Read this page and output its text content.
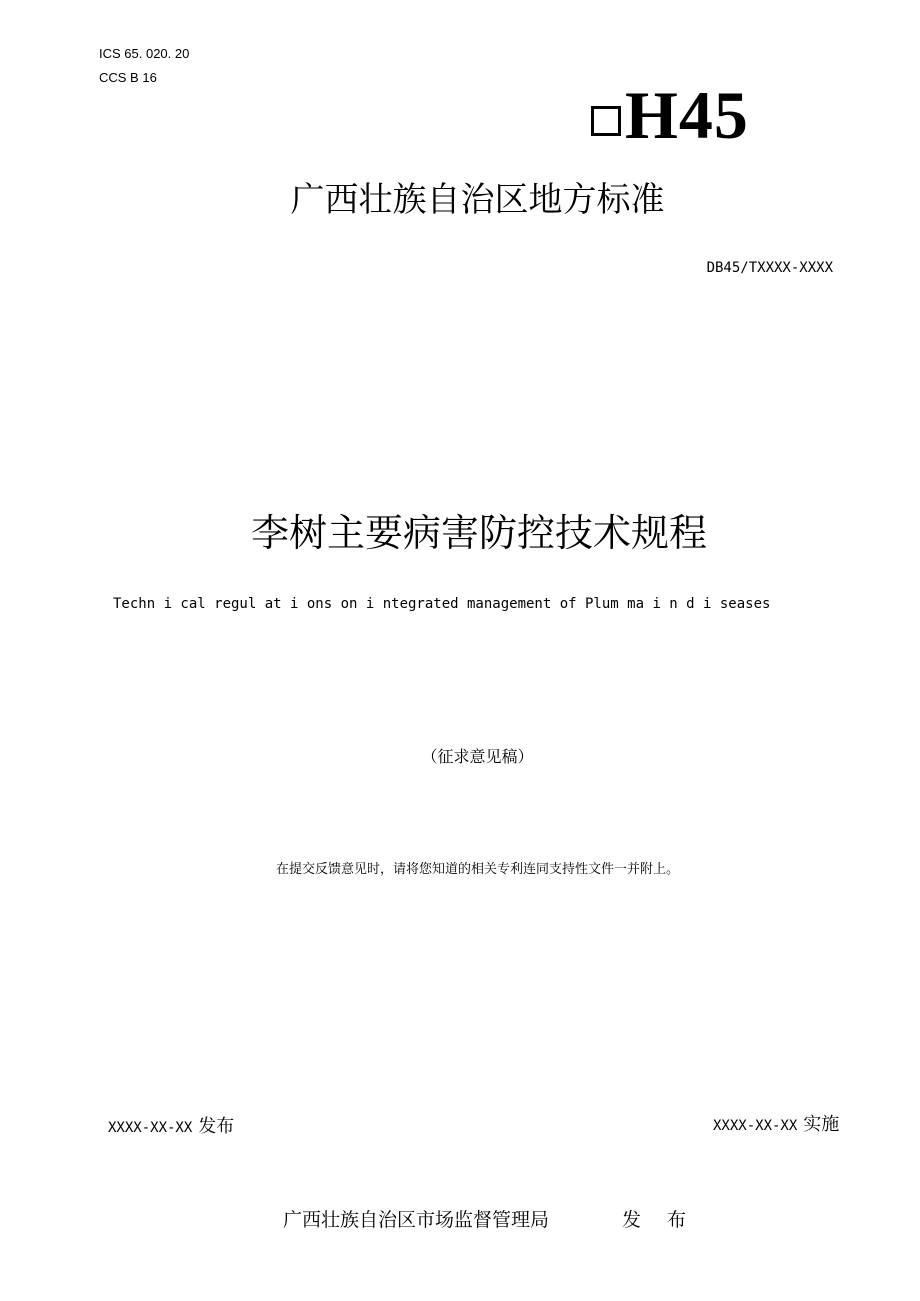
ICS 65. 020. 20
CCS B 16	H45
广西壮族自治区地方标准
DB45/TXXXX-XXXX
李树主要病害防控技术规程
Techn i cal regul at i ons on i ntegrated management of Plum ma i n d i seases
（征求意见稿）
在提交反馈意见时，请将您知道的相关专利连同支持性文件一并附上。
XXXX-XX-XX 发布	XXXX-XX-XX 实施
广西壮族自治区市场监督管理局	发 布
